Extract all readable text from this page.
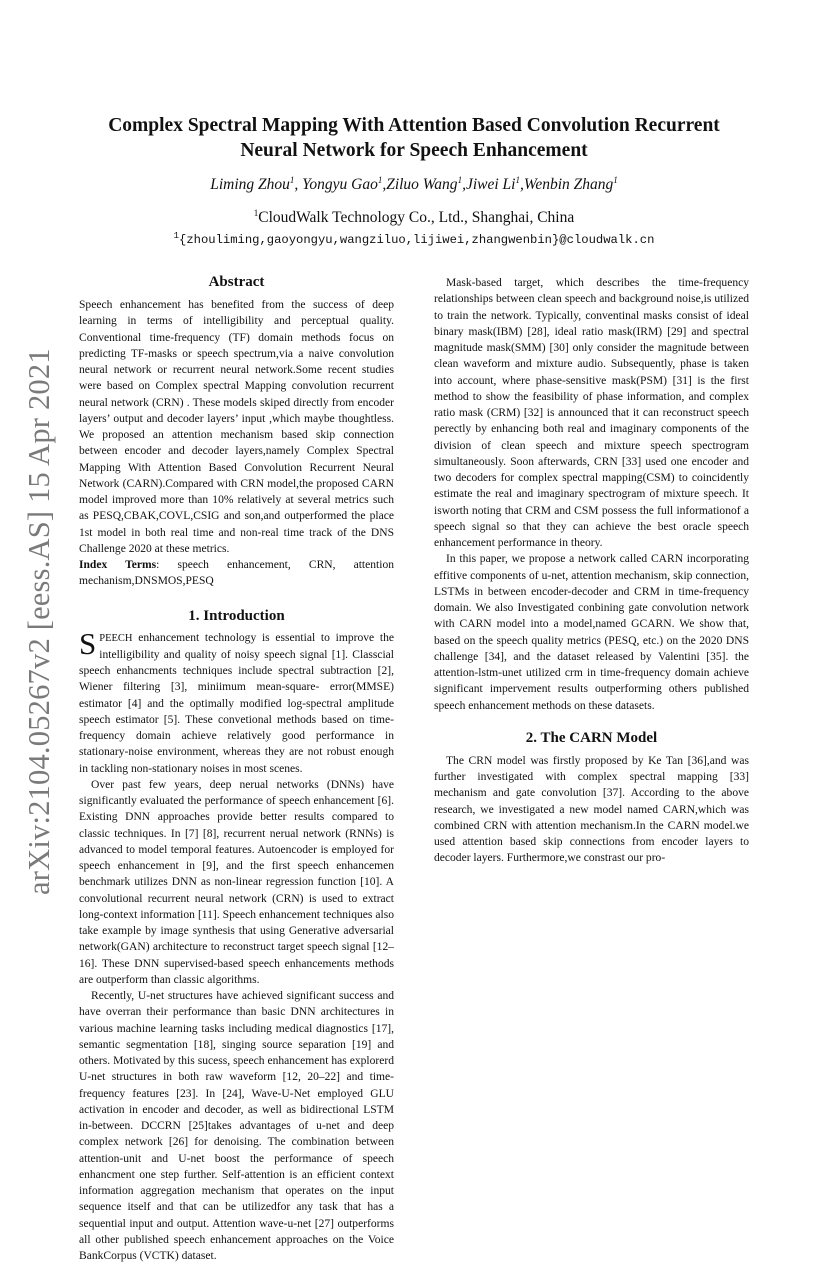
arXiv:2104.05267v2 [eess.AS] 15 Apr 2021
Complex Spectral Mapping With Attention Based Convolution Recurrent
Neural Network for Speech Enhancement
Liming Zhou$^1$, Yongyu Gao$^1$,Ziluo Wang$^1$,Jiwei Li$^1$,Wenbin Zhang$^1$
$^1$CloudWalk Technology Co., Ltd., Shanghai, China
$^1${zhouliming,gaoyongyu,wangziluo,lijiwei,zhangwenbin}@cloudwalk.cn
Abstract

Speech enhancement has benefited from the success of deep learning in terms of intelligibility and perceptual quality. Conventional time-frequency (TF) domain methods focus on predicting TF-masks or speech spectrum,via a naive convolution neural network or recurrent neural network.Some recent studies were based on Complex spectral Mapping convolution recurrent neural network (CRN) . These models skiped directly from encoder layers’ output and decoder layers’ input ,which maybe thoughtless. We proposed an attention mechanism based skip connection between encoder and decoder layers,namely Complex Spectral Mapping With Attention Based Convolution Recurrent Neural Network (CARN).Compared with CRN model,the proposed CARN model improved more than 10% relatively at several metrics such as PESQ,CBAK,COVL,CSIG and son,and outperformed the place 1st model in both real time and non-real time track of the DNS Challenge 2020 at these metrics.

Index Terms: speech enhancement, CRN, attention mechanism,DNSMOS,PESQ

1. Introduction

SPEECH enhancement technology is essential to improve the intelligibility and quality of noisy speech signal [1]. Classcial speech enhancments techniques include spectral subtraction [2], Wiener filtering [3], miniimum mean-square- error(MMSE) estimator [4] and the optimally modified log-spectral amplitude speech estimator [5]. These convetional methods based on time-frequency domain achieve relatively good performance in stationary-noise environment, whereas they are not robust enough in tackling non-stationary noises in most scenes.

Over past few years, deep nerual networks (DNNs) have significantly evaluated the performance of speech enhancement [6]. Existing DNN approaches provide better results compared to classic techniques. In [7] [8], recurrent nerual network (RNNs) is advanced to model temporal features. Autoencoder is employed for speech enhancement in [9], and the first speech enhancemen benchmark utilizes DNN as non-linear regression function [10]. A convolutional recurrent neural network (CRN) is used to extract long-context information [11]. Speech enhancement techniques also take example by image synthesis that using Generative adversarial network(GAN) architecture to reconstruct target speech signal [12–16]. These DNN supervised-based speech enhancements methods are outperform than classic algorithms.

Recently, U-net structures have achieved significant success and have overran their performance than basic DNN architectures in various machine learning tasks including medical diagnostics [17], semantic segmentation [18], singing source separation [19] and others. Motivated by this sucess, speech enhancement has explorerd U-net structures in both raw waveform [12, 20–22] and time-frequency features [23]. In [24], Wave-U-Net employed GLU activation in encoder and decoder, as well as bidirectional LSTM in-between. DCCRN [25]takes advantages of u-net and deep complex network [26] for denoising. The combination between attention-unit and U-net boost the performance of speech enhancment one step further. Self-attention is an efficient context information aggregation mechanism that operates on the input sequence itself and that can be utilizedfor any task that has a sequential input and output. Attention wave-u-net [27] outperforms all other published speech enhancement approaches on the Voice BankCorpus (VCTK) dataset.

Mask-based target, which describes the time-frequency relationships between clean speech and background noise,is utilized to train the network. Typically, conventinal masks consist of ideal binary mask(IBM) [28], ideal ratio mask(IRM) [29] and spectral magnitude mask(SMM) [30] only consider the magnitude between clean waveform and mixture audio. Subsequently, phase is taken into account, where phase-sensitive mask(PSM) [31] is the first method to show the feasibility of phase information, and complex ratio mask (CRM) [32] is announced that it can reconstruct speech perectly by enhancing both real and imaginary components of the division of clean speech and mixture speech spectrogram simultaneously. Soon afterwards, CRN [33] used one encoder and two decoders for complex spectral mapping(CSM) to coincidently estimate the real and imaginary spectrogram of mixture speech. It isworth noting that CRM and CSM possess the full informationof a speech signal so that they can achieve the best oracle speech enhancement performance in theory.

In this paper, we propose a network called CARN incorporating effitive components of u-net, attention mechanism, skip connection, LSTMs in between encoder-decoder and CRM in time-frequency domain. We also Investigated conbining gate convolution network with CARN model into a model,named GCARN. We show that, based on the speech quality metrics (PESQ, etc.) on the 2020 DNS challenge [34], and the dataset released by Valentini [35]. the attention-lstm-unet utilized crm in time-frequency domain achieve significant impervement results outperforming others published speech enhancement methods on these datasets.

2. The CARN Model

The CRN model was firstly proposed by Ke Tan [36],and was further investigated with complex spectral mapping [33] mechanism and gate convolution [37]. According to the above research, we investigated a new model named CARN,which was combined CRN with attention mechanism.In the CARN model.we used attention based skip connections from encoder layers to decoder layers. Furthermore,we constrast our pro-
